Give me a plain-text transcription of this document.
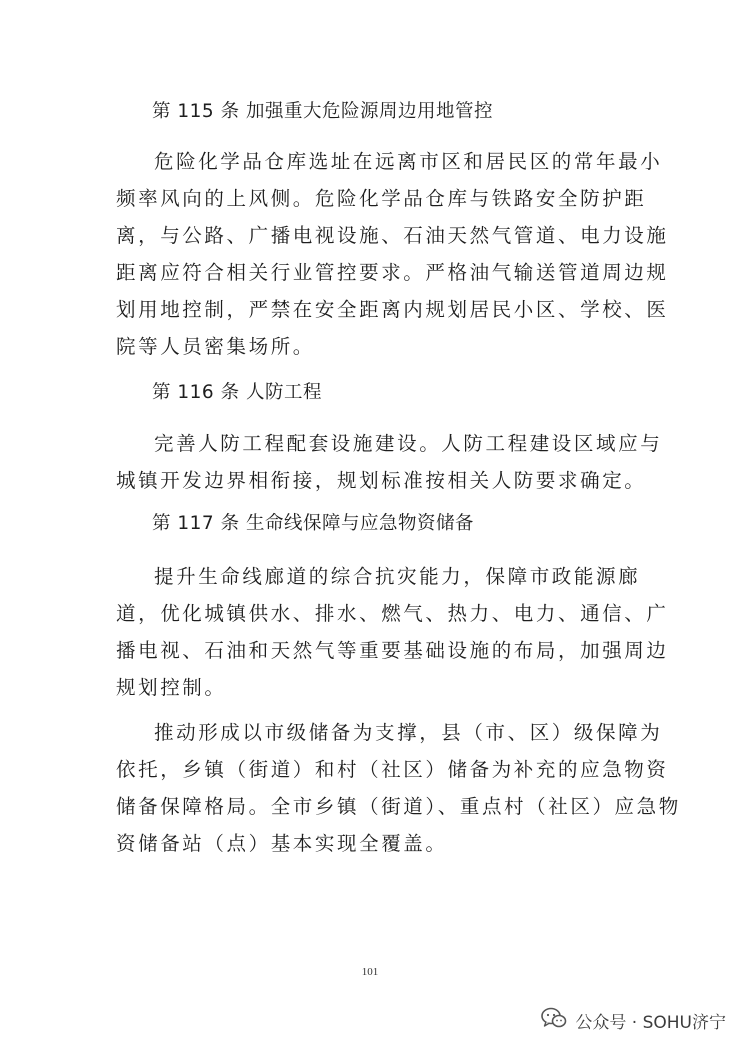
第 115 条 加强重大危险源周边用地管控

危险化学品仓库选址在远离市区和居民区的常年最小
频率风向的上风侧。危险化学品仓库与铁路安全防护距
离，与公路、广播电视设施、石油天然气管道、电力设施
距离应符合相关行业管控要求。严格油气输送管道周边规
划用地控制，严禁在安全距离内规划居民小区、学校、医
院等人员密集场所。

第 116 条 人防工程

完善人防工程配套设施建设。人防工程建设区域应与
城镇开发边界相衔接，规划标准按相关人防要求确定。

第 117 条 生命线保障与应急物资储备

提升生命线廊道的综合抗灾能力，保障市政能源廊
道，优化城镇供水、排水、燃气、热力、电力、通信、广
播电视、石油和天然气等重要基础设施的布局，加强周边
规划控制。
推动形成以市级储备为支撑，县（市、区）级保障为
依托，乡镇（街道）和村（社区）储备为补充的应急物资
储备保障格局。全市乡镇（街道）、重点村（社区）应急物
资储备站（点）基本实现全覆盖。
101
公众号 · SOHU济宁
